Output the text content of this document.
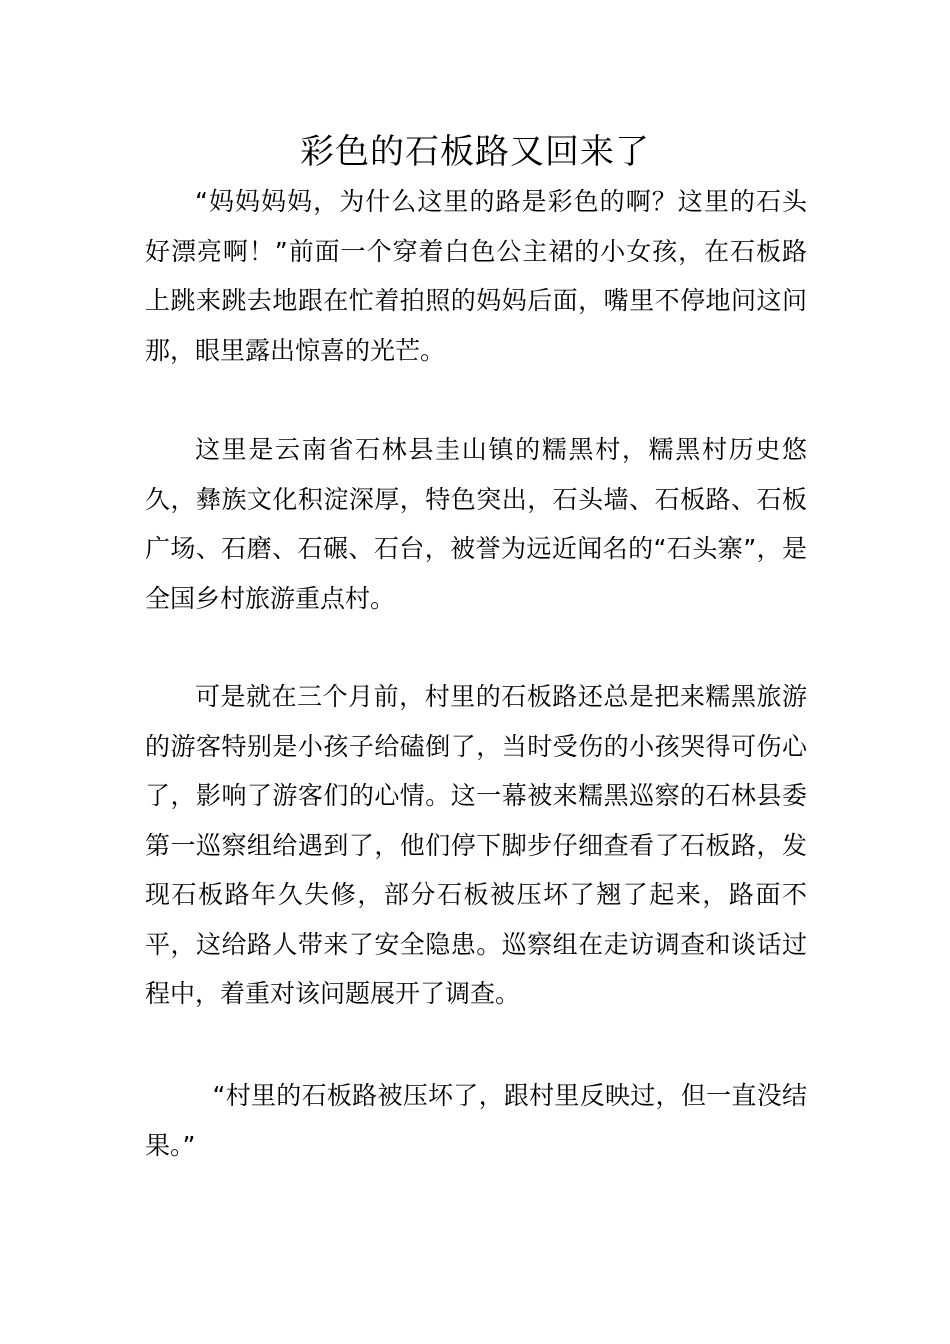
彩色的石板路又回来了

“妈妈妈妈，为什么这里的路是彩色的啊？这里的石头好漂亮啊！”前面一个穿着白色公主裙的小女孩，在石板路上跳来跳去地跟在忙着拍照的妈妈后面，嘴里不停地问这问那，眼里露出惊喜的光芒。

这里是云南省石林县圭山镇的糯黑村，糯黑村历史悠久，彝族文化积淀深厚，特色突出，石头墙、石板路、石板广场、石磨、石碾、石台，被誉为远近闻名的“石头寨”，是全国乡村旅游重点村。

可是就在三个月前，村里的石板路还总是把来糯黑旅游的游客特别是小孩子给磕倒了，当时受伤的小孩哭得可伤心了，影响了游客们的心情。这一幕被来糯黑巡察的石林县委第一巡察组给遇到了，他们停下脚步仔细查看了石板路，发现石板路年久失修，部分石板被压坏了翘了起来，路面不平，这给路人带来了安全隐患。巡察组在走访调查和谈话过程中，着重对该问题展开了调查。

“村里的石板路被压坏了，跟村里反映过，但一直没结果。”
